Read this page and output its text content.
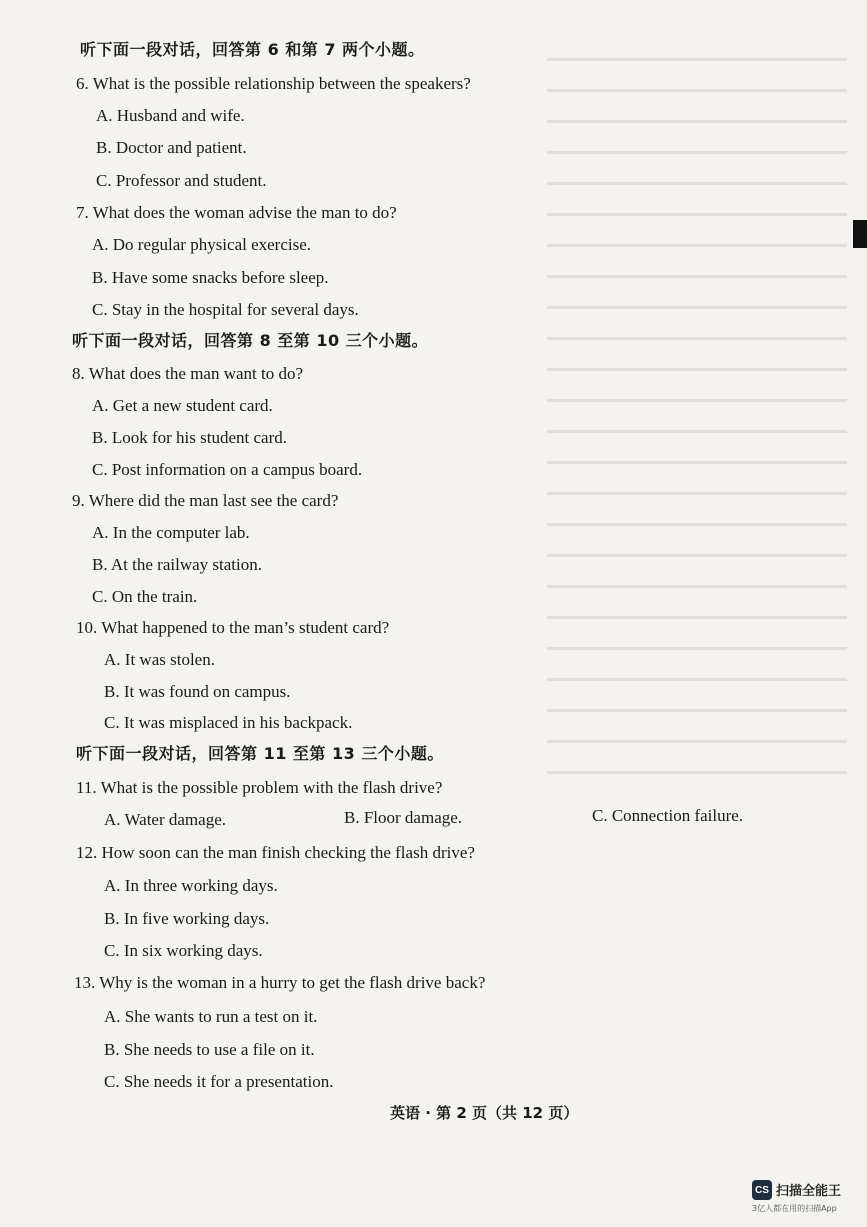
听下面一段对话，回答第 6 和第 7 两个小题。
6. What is the possible relationship between the speakers?
A. Husband and wife.
B. Doctor and patient.
C. Professor and student.
7. What does the woman advise the man to do?
A. Do regular physical exercise.
B. Have some snacks before sleep.
C. Stay in the hospital for several days.
听下面一段对话，回答第 8 至第 10 三个小题。
8. What does the man want to do?
A. Get a new student card.
B. Look for his student card.
C. Post information on a campus board.
9. Where did the man last see the card?
A. In the computer lab.
B. At the railway station.
C. On the train.
10. What happened to the man’s student card?
A. It was stolen.
B. It was found on campus.
C. It was misplaced in his backpack.
听下面一段对话，回答第 11 至第 13 三个小题。
11. What is the possible problem with the flash drive?
A. Water damage.	B. Floor damage.	C. Connection failure.
12. How soon can the man finish checking the flash drive?
A. In three working days.
B. In five working days.
C. In six working days.
13. Why is the woman in a hurry to get the flash drive back?
A. She wants to run a test on it.
B. She needs to use a file on it.
C. She needs it for a presentation.
英语 · 第 2 页（共 12 页）
CS 扫描全能王
3亿人都在用的扫描App
